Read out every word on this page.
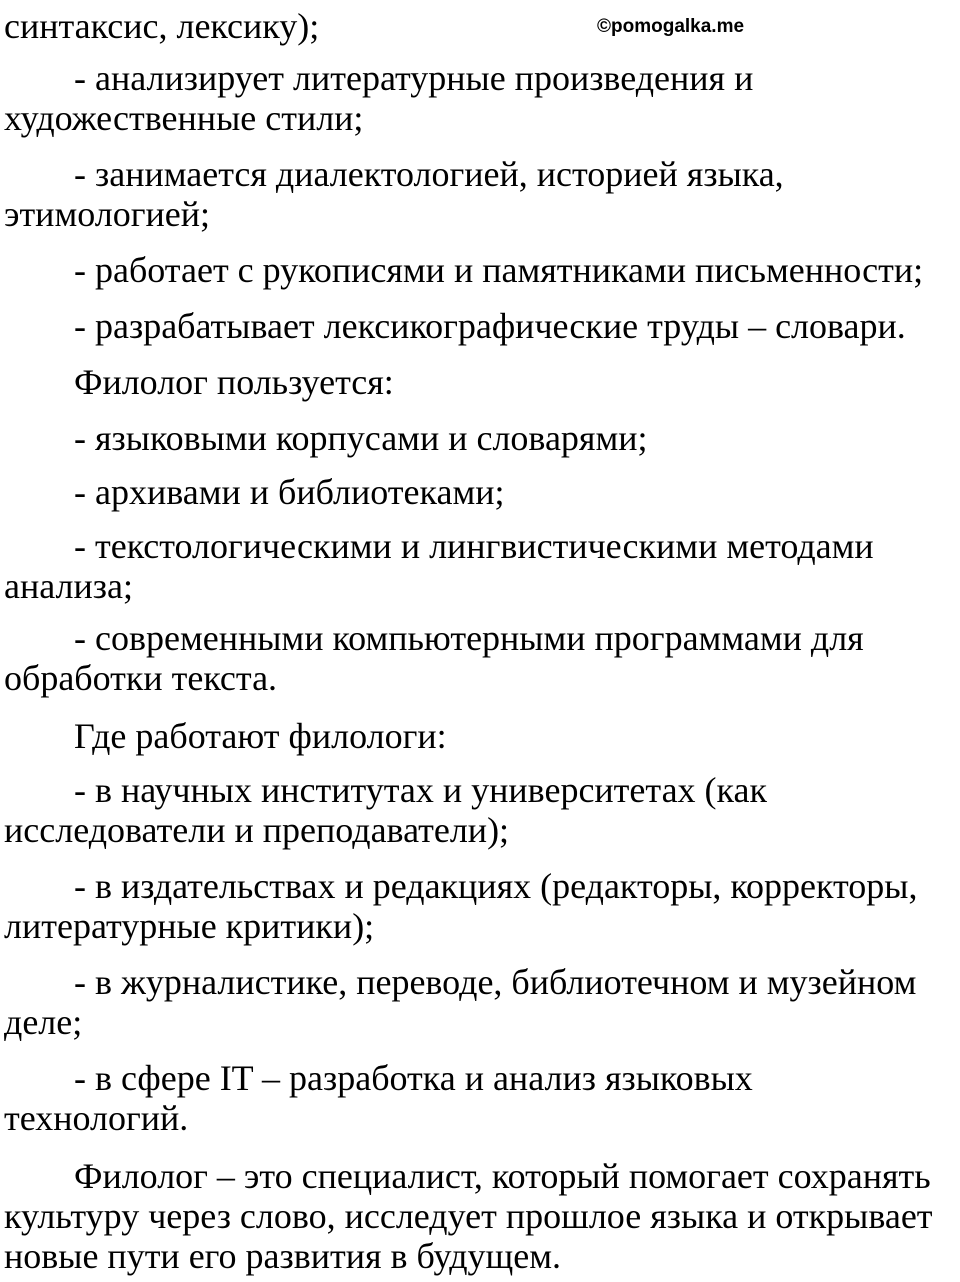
©pomogalka.me
синтаксис, лексику);
- анализирует литературные произведения и
художественные стили;
- занимается диалектологией, историей языка,
этимологией;
- работает с рукописями и памятниками письменности;
- разрабатывает лексикографические труды – словари.
Филолог пользуется:
- языковыми корпусами и словарями;
- архивами и библиотеками;
- текстологическими и лингвистическими методами
анализа;
- современными компьютерными программами для
обработки текста.
Где работают филологи:
- в научных институтах и университетах (как
исследователи и преподаватели);
- в издательствах и редакциях (редакторы, корректоры,
литературные критики);
- в журналистике, переводе, библиотечном и музейном
деле;
- в сфере IT – разработка и анализ языковых
технологий.
Филолог – это специалист, который помогает сохранять
культуру через слово, исследует прошлое языка и открывает
новые пути его развития в будущем.
